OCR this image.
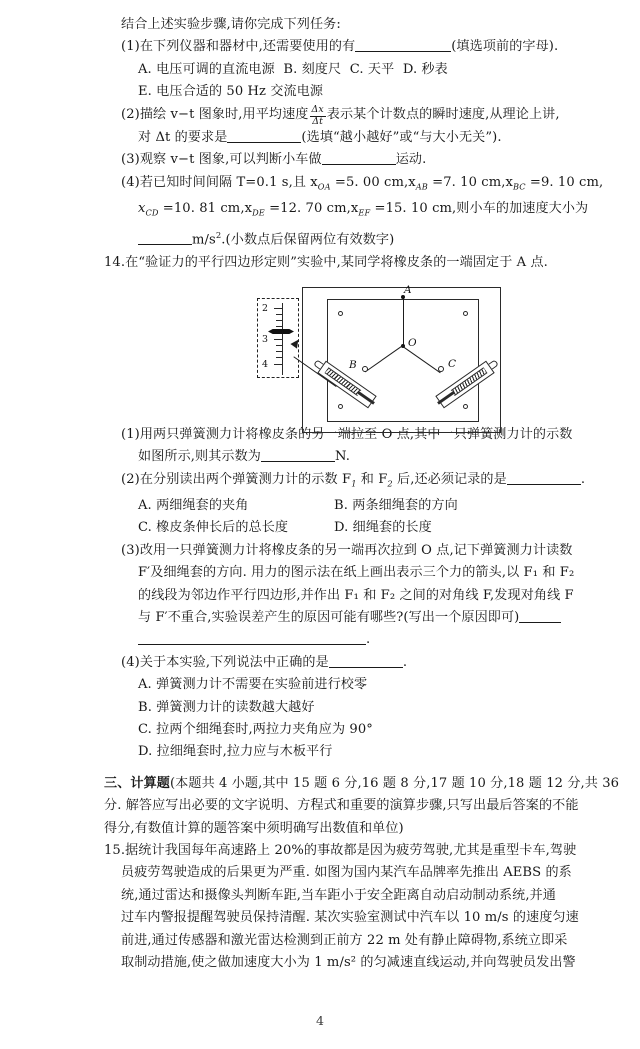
结合上述实验步骤,请你完成下列任务:
(1)在下列仪器和器材中,还需要使用的有	(填选项前的字母).
A. 电压可调的直流电源 B. 刻度尺 C. 天平 D. 秒表
E. 电压合适的 50 Hz 交流电源
(2)描绘 v−t 图象时,用平均速度 $\frac{\Delta x}{\Delta t}$ 表示某个计数点的瞬时速度,从理论上讲,
对 Δt 的要求是	(选填“越小越好”或“与大小无关”).
(3)观察 v−t 图象,可以判断小车做	运动.
(4)若已知时间间隔 T=0.1 s,且 $x_{OA} =5$. 00 $cm,x_{AB} =7$. 10 $cm,x_{BC} =9$. 10 cm,
$x_{CD} =10$. 81 $cm,x_{DE} =12$. 70 $cm,x_{EF} =15$. 10 cm,则小车的加速度大小为
$m/s^2$.(小数点后保留两位有效数字)
14.在“验证力的平行四边形定则”实验中,某同学将橡皮条的一端固定于 A 点.
(1)用两只弹簧测力计将橡皮条的另一端拉至 O 点,其中一只弹簧测力计的示数
如图所示,则其示数为	N.
(2)在分别读出两个弹簧测力计的示数 $F_1$ 和 $F_2$ 后,还必须记录的是	.
A. 两细绳套的夹角	B. 两条细绳套的方向
C. 橡皮条伸长后的总长度	D. 细绳套的长度
(3)改用一只弹簧测力计将橡皮条的另一端再次拉到 O 点,记下弹簧测力计读数
F′及细绳套的方向. 用力的图示法在纸上画出表示三个力的箭头,以 F₁ 和 F₂
的线段为邻边作平行四边形,并作出 F₁ 和 F₂ 之间的对角线 F,发现对角线 F
与 F′不重合,实验误差产生的原因可能有哪些?(写出一个原因即可)
.
(4)关于本实验,下列说法中正确的是	.
A. 弹簧测力计不需要在实验前进行校零
B. 弹簧测力计的读数越大越好
C. 拉两个细绳套时,两拉力夹角应为 90°
D. 拉细绳套时,拉力应与木板平行
三、计算题(本题共 4 小题,其中 15 题 6 分,16 题 8 分,17 题 10 分,18 题 12 分,共 36
分. 解答应写出必要的文字说明、方程式和重要的演算步骤,只写出最后答案的不能
得分,有数值计算的题答案中须明确写出数值和单位)
15.据统计我国每年高速路上 20%的事故都是因为疲劳驾驶,尤其是重型卡车,驾驶
员疲劳驾驶造成的后果更为严重. 如图为国内某汽车品牌率先推出 AEBS 的系
统,通过雷达和摄像头判断车距,当车距小于安全距离自动启动制动系统,并通
过车内警报提醒驾驶员保持清醒. 某次实验室测试中汽车以 10 m/s 的速度匀速
前进,通过传感器和激光雷达检测到正前方 22 m 处有静止障碍物,系统立即采
取制动措施,使之做加速度大小为 1 m/s² 的匀减速直线运动,并向驾驶员发出警
A
O
B	C
2
3
4
4
